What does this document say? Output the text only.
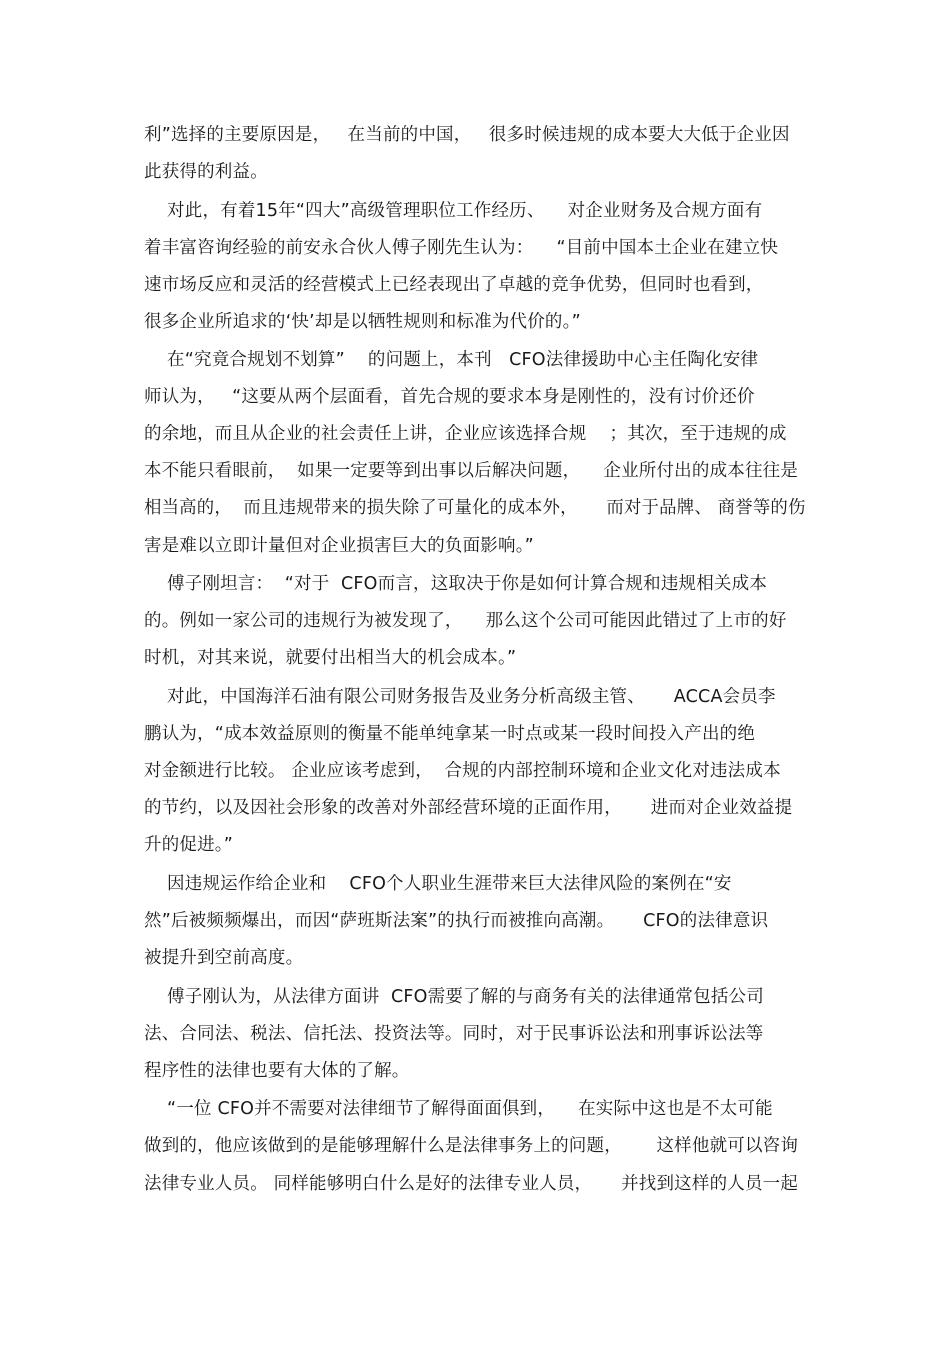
利”选择的主要原因是，   在当前的中国，   很多时候违规的成本要大大低于企业因
此获得的利益。
对此，有着15年“四大”高级管理职位工作经历、    对企业财务及合规方面有
着丰富咨询经验的前安永合伙人傅子刚先生认为：    “目前中国本土企业在建立快
速市场反应和灵活的经营模式上已经表现出了卓越的竞争优势，但同时也看到，
很多企业所追求的‘快’却是以牺牲规则和标准为代价的。”
在“究竟合规划不划算”    的问题上，本刊   CFO法律援助中心主任陶化安律
师认为，   “这要从两个层面看，首先合规的要求本身是刚性的，没有讨价还价
的余地，而且从企业的社会责任上讲，企业应该选择合规    ；其次，至于违规的成
本不能只看眼前，  如果一定要等到出事以后解决问题，    企业所付出的成本往往是
相当高的，  而且违规带来的损失除了可量化的成本外，     而对于品牌、 商誉等的伤
害是难以立即计量但对企业损害巨大的负面影响。”
傅子刚坦言：  “对于  CFO而言，这取决于你是如何计算合规和违规相关成本
的。例如一家公司的违规行为被发现了，    那么这个公司可能因此错过了上市的好
时机，对其来说，就要付出相当大的机会成本。”
对此，中国海洋石油有限公司财务报告及业务分析高级主管、     ACCA会员李
鹏认为，“成本效益原则的衡量不能单纯拿某一时点或某一段时间投入产出的绝
对金额进行比较。 企业应该考虑到，  合规的内部控制环境和企业文化对违法成本
的节约，以及因社会形象的改善对外部经营环境的正面作用，     进而对企业效益提
升的促进。”
因违规运作给企业和    CFO个人职业生涯带来巨大法律风险的案例在“安
然”后被频频爆出，而因“萨班斯法案”的执行而被推向高潮。     CFO的法律意识
被提升到空前高度。
傅子刚认为，从法律方面讲  CFO需要了解的与商务有关的法律通常包括公司
法、合同法、税法、信托法、投资法等。同时，对于民事诉讼法和刑事诉讼法等
程序性的法律也要有大体的了解。
“一位 CFO并不需要对法律细节了解得面面俱到，    在实际中这也是不太可能
做到的，他应该做到的是能够理解什么是法律事务上的问题，      这样他就可以咨询
法律专业人员。 同样能够明白什么是好的法律专业人员，     并找到这样的人员一起
